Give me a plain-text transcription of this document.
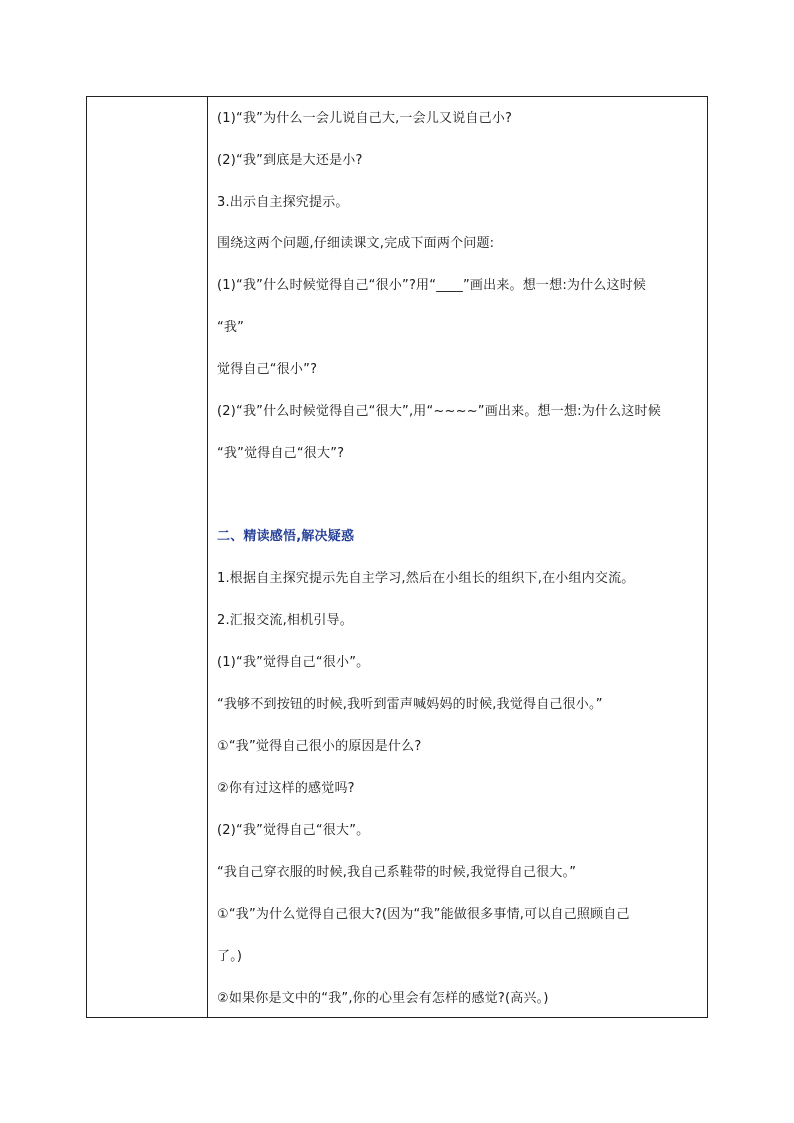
(1)“我”为什么一会儿说自己大,一会儿又说自己小?
(2)“我”到底是大还是小?
3.出示自主探究提示。
围绕这两个问题,仔细读课文,完成下面两个问题:
(1)“我”什么时候觉得自己“很小”?用“____”画出来。想一想:为什么这时候
“我”
觉得自己“很小”?
(2)“我”什么时候觉得自己“很大”,用“~~~~”画出来。想一想:为什么这时候
“我”觉得自己“很大”?
二、精读感悟,解决疑惑
1.根据自主探究提示先自主学习,然后在小组长的组织下,在小组内交流。
2.汇报交流,相机引导。
(1)“我”觉得自己“很小”。
“我够不到按钮的时候,我听到雷声喊妈妈的时候,我觉得自己很小。”
①“我”觉得自己很小的原因是什么?
②你有过这样的感觉吗?
(2)“我”觉得自己“很大”。
“我自己穿衣服的时候,我自己系鞋带的时候,我觉得自己很大。”
①“我”为什么觉得自己很大?(因为“我”能做很多事情,可以自己照顾自己
了。)
②如果你是文中的“我”,你的心里会有怎样的感觉?(高兴。)
